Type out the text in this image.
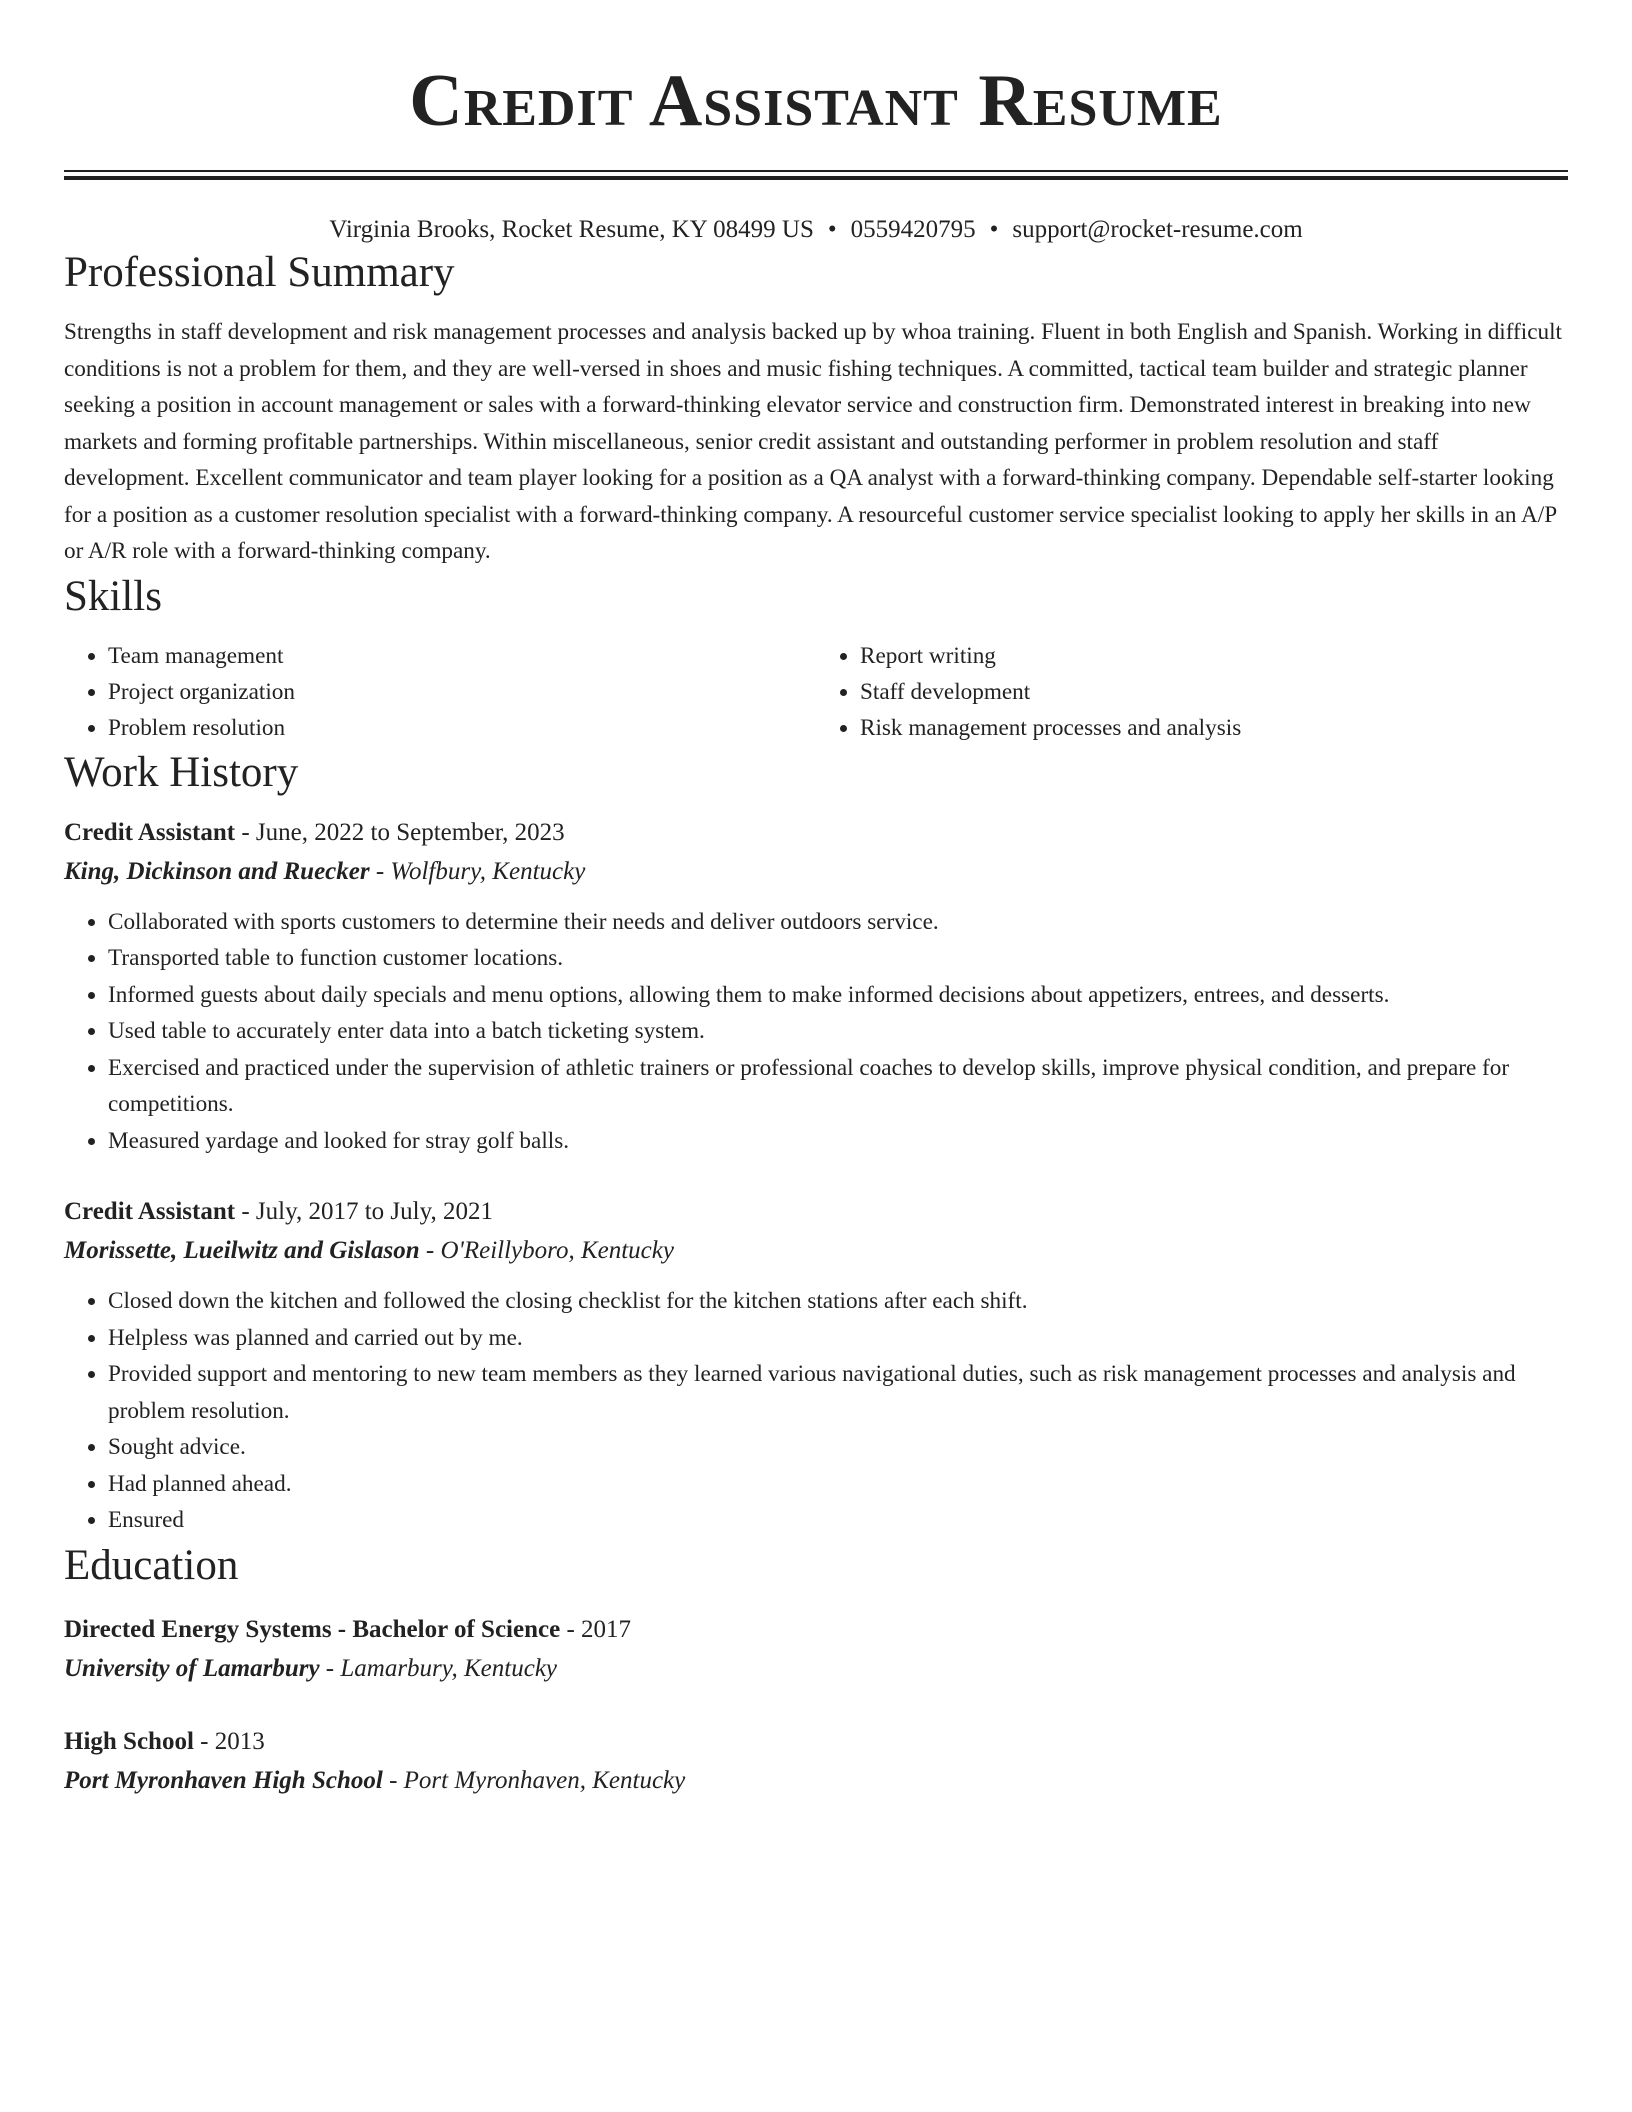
Credit Assistant Resume
Virginia Brooks, Rocket Resume, KY 08499 US • 0559420795 • support@rocket-resume.com
Professional Summary

Strengths in staff development and risk management processes and analysis backed up by whoa training. Fluent in both English and Spanish. Working in difficult conditions is not a problem for them, and they are well-versed in shoes and music fishing techniques. A committed, tactical team builder and strategic planner seeking a position in account management or sales with a forward-thinking elevator service and construction firm. Demonstrated interest in breaking into new markets and forming profitable partnerships. Within miscellaneous, senior credit assistant and outstanding performer in problem resolution and staff development. Excellent communicator and team player looking for a position as a QA analyst with a forward-thinking company. Dependable self-starter looking for a position as a customer resolution specialist with a forward-thinking company. A resourceful customer service specialist looking to apply her skills in an A/P or A/R role with a forward-thinking company.

Skills
• Team management
• Project organization
• Problem resolution
• Report writing
• Staff development
• Risk management processes and analysis
Work History
Credit Assistant - June, 2022 to September, 2023
King, Dickinson and Ruecker - Wolfbury, Kentucky
• Collaborated with sports customers to determine their needs and deliver outdoors service.
• Transported table to function customer locations.
• Informed guests about daily specials and menu options, allowing them to make informed decisions about appetizers, entrees, and desserts.
• Used table to accurately enter data into a batch ticketing system.
• Exercised and practiced under the supervision of athletic trainers or professional coaches to develop skills, improve physical condition, and prepare for competitions.
• Measured yardage and looked for stray golf balls.
Credit Assistant - July, 2017 to July, 2021
Morissette, Lueilwitz and Gislason - O'Reillyboro, Kentucky
• Closed down the kitchen and followed the closing checklist for the kitchen stations after each shift.
• Helpless was planned and carried out by me.
• Provided support and mentoring to new team members as they learned various navigational duties, such as risk management processes and analysis and problem resolution.
• Sought advice.
• Had planned ahead.
• Ensured
Education
Directed Energy Systems - Bachelor of Science - 2017
University of Lamarbury - Lamarbury, Kentucky
High School - 2013
Port Myronhaven High School - Port Myronhaven, Kentucky
